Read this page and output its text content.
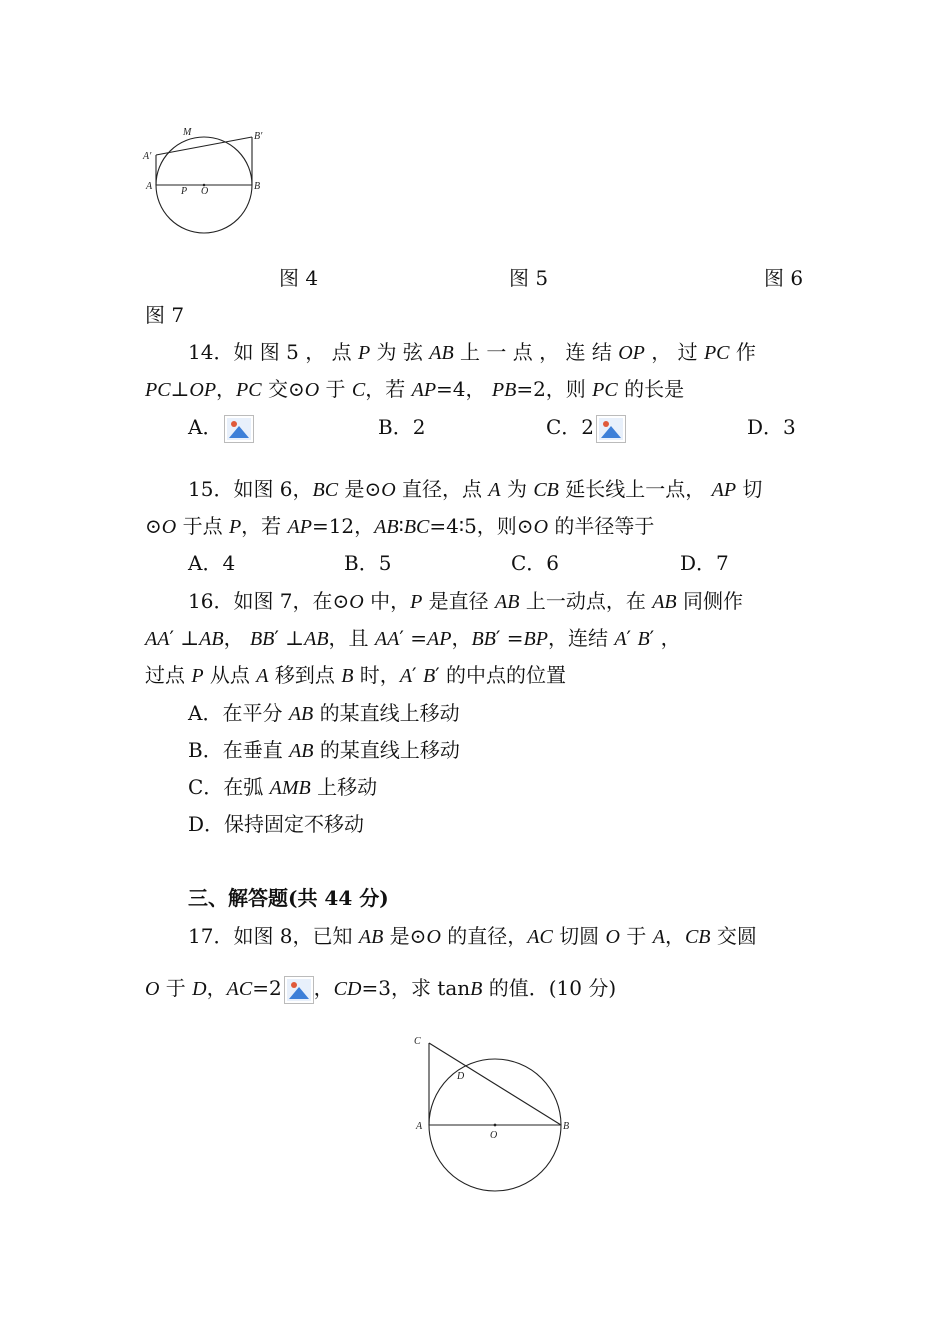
M	B′
A′
A	P O	B
图 4	图 5	图 6
图 7
14．如 图 5 ， 点 P 为 弦 AB 上 一 点 ， 连 结 OP ， 过 PC 作
PC⊥OP，PC 交⊙O 于 C，若 AP=4， PB=2，则 PC 的长是
A．	B．2	C．2	D．3
15．如图 6，BC 是⊙O 直径，点 A 为 CB 延长线上一点， AP 切
⊙O 于点 P，若 AP=12，AB∶BC=4∶5，则⊙O 的半径等于
A．4	B．5	C．6	D．7
16．如图 7，在⊙O 中，P 是直径 AB 上一动点，在 AB 同侧作
AA′ ⊥AB， BB′ ⊥AB，且 AA′ =AP，BB′ =BP，连结 A′ B′ ，
过点 P 从点 A 移到点 B 时，A′ B′ 的中点的位置
A．在平分 AB 的某直线上移动
B．在垂直 AB 的某直线上移动
C．在弧 AMB 上移动
D．保持固定不移动
三、解答题(共 44 分)
17．如图 8，已知 AB 是⊙O 的直径，AC 切圆 O 于 A，CB 交圆
O 于 D，AC=2 ，CD=3，求 tanB 的值．(10 分)
C
D
A
O
B
